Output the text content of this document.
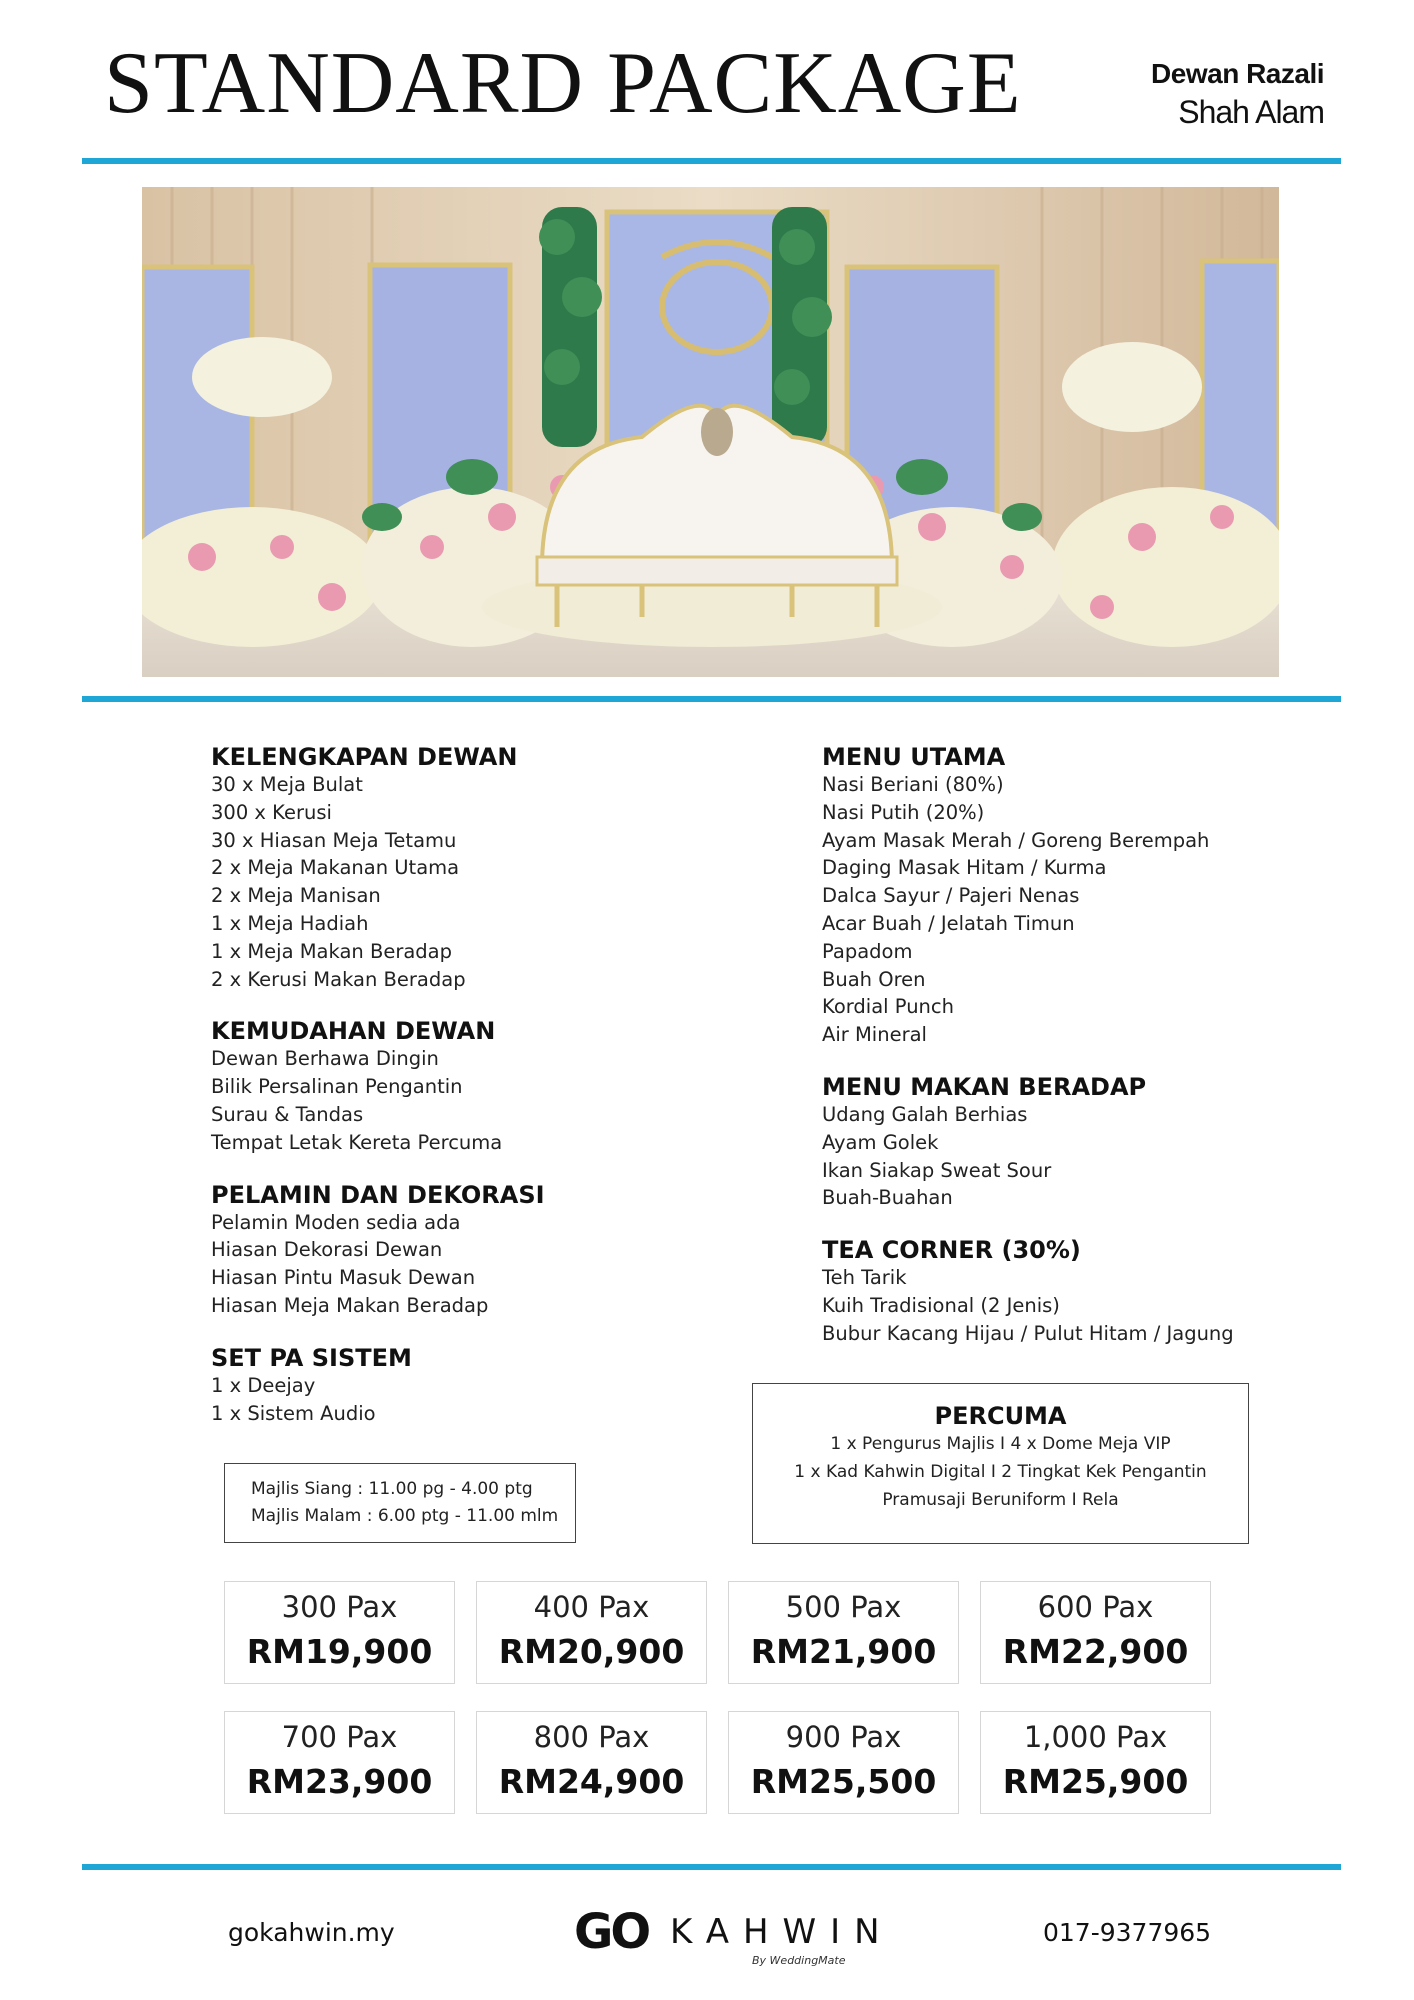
STANDARD PACKAGE	Dewan Razali
Shah Alam
KELENGKAPAN DEWAN
30 x Meja Bulat
300 x Kerusi
30 x Hiasan Meja Tetamu
2 x Meja Makanan Utama
2 x Meja Manisan
1 x Meja Hadiah
1 x Meja Makan Beradap
2 x Kerusi Makan Beradap
KEMUDAHAN DEWAN
Dewan Berhawa Dingin
Bilik Persalinan Pengantin
Surau & Tandas
Tempat Letak Kereta Percuma
PELAMIN DAN DEKORASI
Pelamin Moden sedia ada
Hiasan Dekorasi Dewan
Hiasan Pintu Masuk Dewan
Hiasan Meja Makan Beradap
SET PA SISTEM
1 x Deejay
1 x Sistem Audio
MENU UTAMA
Nasi Beriani (80%)
Nasi Putih (20%)
Ayam Masak Merah / Goreng Berempah
Daging Masak Hitam / Kurma
Dalca Sayur / Pajeri Nenas
Acar Buah / Jelatah Timun
Papadom
Buah Oren
Kordial Punch
Air Mineral
MENU MAKAN BERADAP
Udang Galah Berhias
Ayam Golek
Ikan Siakap Sweat Sour
Buah-Buahan
TEA CORNER (30%)
Teh Tarik
Kuih Tradisional (2 Jenis)
Bubur Kacang Hijau / Pulut Hitam / Jagung
Majlis Siang : 11.00 pg - 4.00 ptg
Majlis Malam : 6.00 ptg - 11.00 mlm
PERCUMA
1 x Pengurus Majlis I 4 x Dome Meja VIP
1 x Kad Kahwin Digital I 2 Tingkat Kek Pengantin
Pramusaji Beruniform I Rela
300 Pax
RM19,900
400 Pax
RM20,900
500 Pax
RM21,900
600 Pax
RM22,900
700 Pax
RM23,900
800 Pax
RM24,900
900 Pax
RM25,500
1,000 Pax
RM25,900
gokahwin.my	GO KAHWIN
By WeddingMate
017-9377965
